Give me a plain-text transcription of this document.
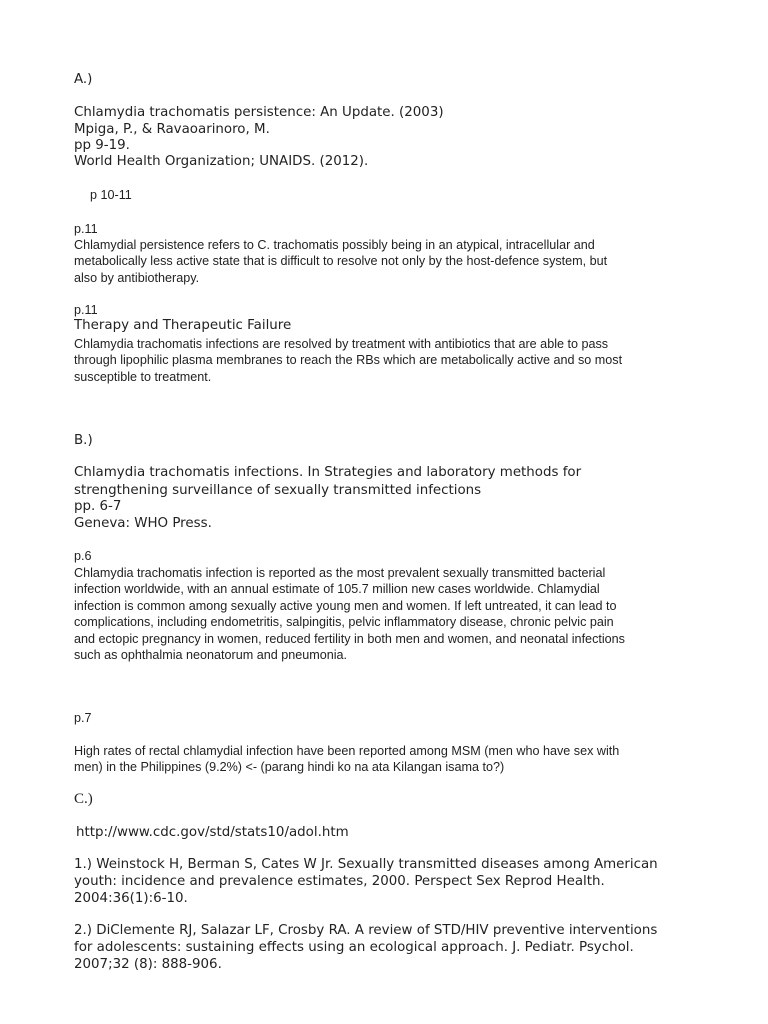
A.)
Chlamydia trachomatis persistence: An Update. (2003)
Mpiga, P., & Ravaoarinoro, M.
pp 9-19.
World Health Organization; UNAIDS. (2012).
p 10-11
p.11
Chlamydial persistence refers to C. trachomatis possibly being in an atypical, intracellular and
metabolically less active state that is difficult to resolve not only by the host-defence system, but
also by antibiotherapy.
p.11
Therapy and Therapeutic Failure
Chlamydia trachomatis infections are resolved by treatment with antibiotics that are able to pass
through lipophilic plasma membranes to reach the RBs which are metabolically active and so most
susceptible to treatment.
B.)
Chlamydia trachomatis infections. In Strategies and laboratory methods for
strengthening surveillance of sexually transmitted infections
pp. 6-7
Geneva: WHO Press.
p.6
Chlamydia trachomatis infection is reported as the most prevalent sexually transmitted bacterial
infection worldwide, with an annual estimate of 105.7 million new cases worldwide. Chlamydial
infection is common among sexually active young men and women. If left untreated, it can lead to
complications, including endometritis, salpingitis, pelvic inflammatory disease, chronic pelvic pain
and ectopic pregnancy in women, reduced fertility in both men and women, and neonatal infections
such as ophthalmia neonatorum and pneumonia.
p.7
High rates of rectal chlamydial infection have been reported among MSM (men who have sex with
men) in the Philippines (9.2%) <- (parang hindi ko na ata Kilangan isama to?)
C.)
http://www.cdc.gov/std/stats10/adol.htm
1.) Weinstock H, Berman S, Cates W Jr. Sexually transmitted diseases among American
youth: incidence and prevalence estimates, 2000. Perspect Sex Reprod Health.
2004:36(1):6-10.
2.) DiClemente RJ, Salazar LF, Crosby RA. A review of STD/HIV preventive interventions
for adolescents: sustaining effects using an ecological approach. J. Pediatr. Psychol.
2007;32 (8): 888-906.
